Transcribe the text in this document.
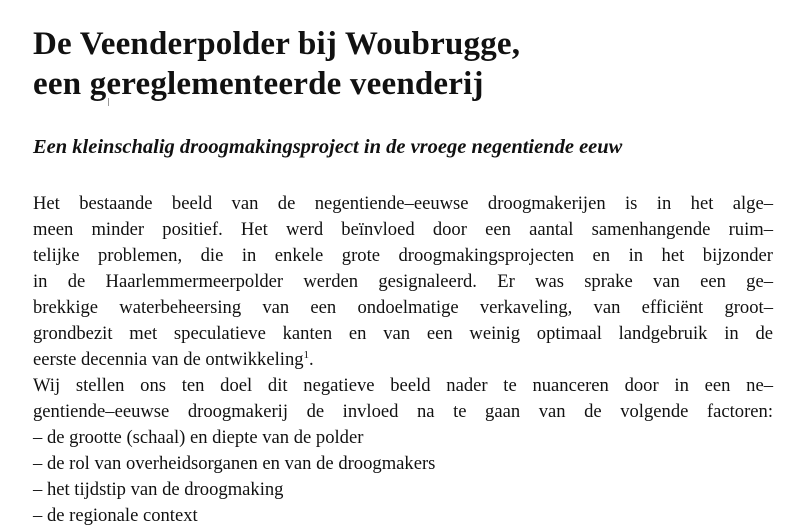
De Veenderpolder bij Woubrugge,
een gereglementeerde veenderij
Een kleinschalig droogmakingsproject in de vroege negentiende eeuw
Het bestaande beeld van de negentiende–eeuwse droogmakerijen is in het alge–
meen minder positief. Het werd beïnvloed door een aantal samenhangende ruim–
telijke problemen, die in enkele grote droogmakingsprojecten en in het bijzonder
in de Haarlemmermeerpolder werden gesignaleerd. Er was sprake van een ge–
brekkige waterbeheersing van een ondoelmatige verkaveling, van efficiënt groot–
grondbezit met speculatieve kanten en van een weinig optimaal landgebruik in de
eerste decennia van de ontwikkeling$^1$.
Wij stellen ons ten doel dit negatieve beeld nader te nuanceren door in een ne–
gentiende–eeuwse droogmakerij de invloed na te gaan van de volgende factoren:
– de grootte (schaal) en diepte van de polder
– de rol van overheidsorganen en van de droogmakers
– het tijdstip van de droogmaking
– de regionale context
